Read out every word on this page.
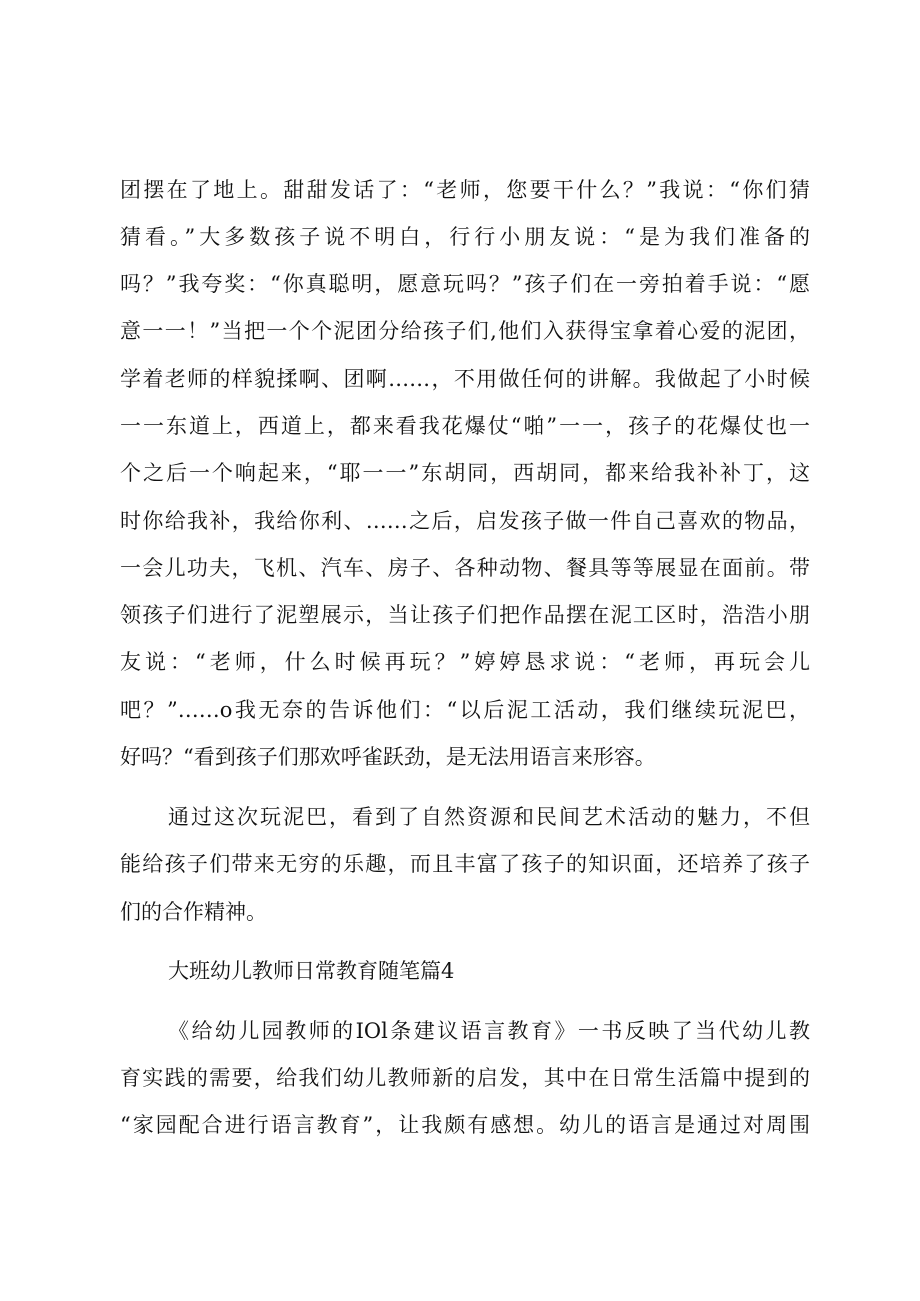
团摆在了地上。甜甜发话了：“老师，您要干什么？”我说：“你们猜
猜看。”大多数孩子说不明白，行行小朋友说：“是为我们准备的
吗？”我夸奖：“你真聪明，愿意玩吗？”孩子们在一旁拍着手说：“愿
意一一！”当把一个个泥团分给孩子们,他们入获得宝拿着心爱的泥团，
学着老师的样貌揉啊、团啊……，不用做任何的讲解。我做起了小时候
一一东道上，西道上，都来看我花爆仗“啪”一一，孩子的花爆仗也一
个之后一个响起来，“耶一一”东胡同，西胡同，都来给我补补丁，这
时你给我补，我给你利、……之后，启发孩子做一件自己喜欢的物品，
一会儿功夫，飞机、汽车、房子、各种动物、餐具等等展显在面前。带
领孩子们进行了泥塑展示，当让孩子们把作品摆在泥工区时，浩浩小朋
友说：“老师，什么时候再玩？”婷婷恳求说：“老师，再玩会儿
吧？”……o我无奈的告诉他们：“以后泥工活动，我们继续玩泥巴，
好吗？“看到孩子们那欢呼雀跃劲，是无法用语言来形容。
通过这次玩泥巴，看到了自然资源和民间艺术活动的魅力，不但
能给孩子们带来无穷的乐趣，而且丰富了孩子的知识面，还培养了孩子
们的合作精神。
大班幼儿教师日常教育随笔篇4
《给幼儿园教师的IOl条建议语言教育》一书反映了当代幼儿教
育实践的需要，给我们幼儿教师新的启发，其中在日常生活篇中提到的
“家园配合进行语言教育”，让我颇有感想。幼儿的语言是通过对周围
